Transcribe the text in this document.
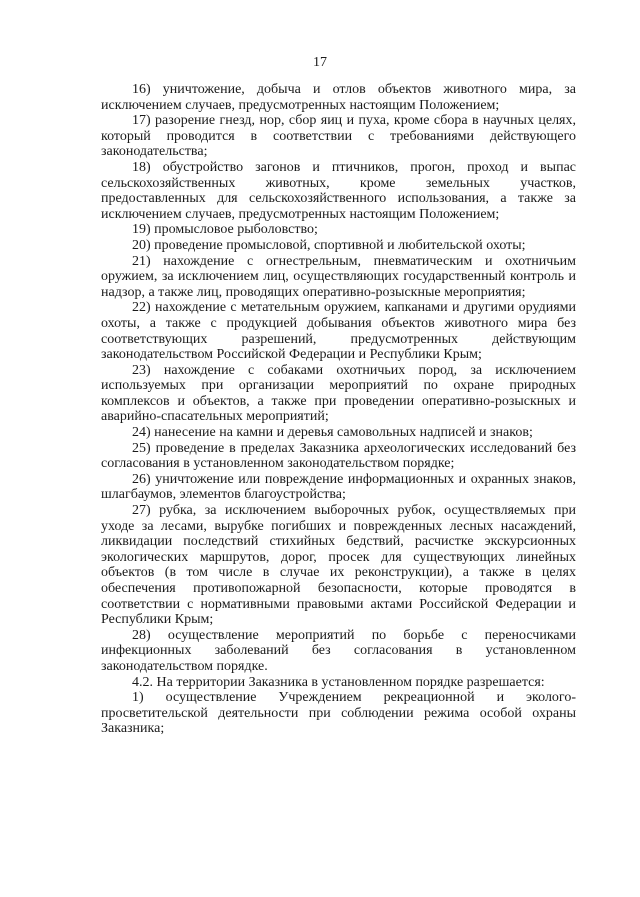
17

16) уничтожение, добыча и отлов объектов животного мира, за исключением случаев, предусмотренных настоящим Положением;

17) разорение гнезд, нор, сбор яиц и пуха, кроме сбора в научных целях, который проводится в соответствии с требованиями действующего законодательства;

18) обустройство загонов и птичников, прогон, проход и выпас сельскохозяйственных животных, кроме земельных участков, предоставленных для сельскохозяйственного использования, а также за исключением случаев, предусмотренных настоящим Положением;

19) промысловое рыболовство;

20) проведение промысловой, спортивной и любительской охоты;

21) нахождение с огнестрельным, пневматическим и охотничьим оружием, за исключением лиц, осуществляющих государственный контроль и надзор, а также лиц, проводящих оперативно-розыскные мероприятия;

22) нахождение с метательным оружием, капканами и другими орудиями охоты, а также с продукцией добывания объектов животного мира без соответствующих разрешений, предусмотренных действующим законодательством Российской Федерации и Республики Крым;

23) нахождение с собаками охотничьих пород, за исключением используемых при организации мероприятий по охране природных комплексов и объектов, а также при проведении оперативно-розыскных и аварийно-спасательных мероприятий;

24) нанесение на камни и деревья самовольных надписей и знаков;

25) проведение в пределах Заказника археологических исследований без согласования в установленном законодательством порядке;

26) уничтожение или повреждение информационных и охранных знаков, шлагбаумов, элементов благоустройства;

27) рубка, за исключением выборочных рубок, осуществляемых при уходе за лесами, вырубке погибших и поврежденных лесных насаждений, ликвидации последствий стихийных бедствий, расчистке экскурсионных экологических маршрутов, дорог, просек для существующих линейных объектов (в том числе в случае их реконструкции), а также в целях обеспечения противопожарной безопасности, которые проводятся в соответствии с нормативными правовыми актами Российской Федерации и Республики Крым;

28) осуществление мероприятий по борьбе с переносчиками инфекционных заболеваний без согласования в установленном законодательством порядке.

4.2. На территории Заказника в установленном порядке разрешается:

1) осуществление Учреждением рекреационной и эколого-просветительской деятельности при соблюдении режима особой охраны Заказника;
